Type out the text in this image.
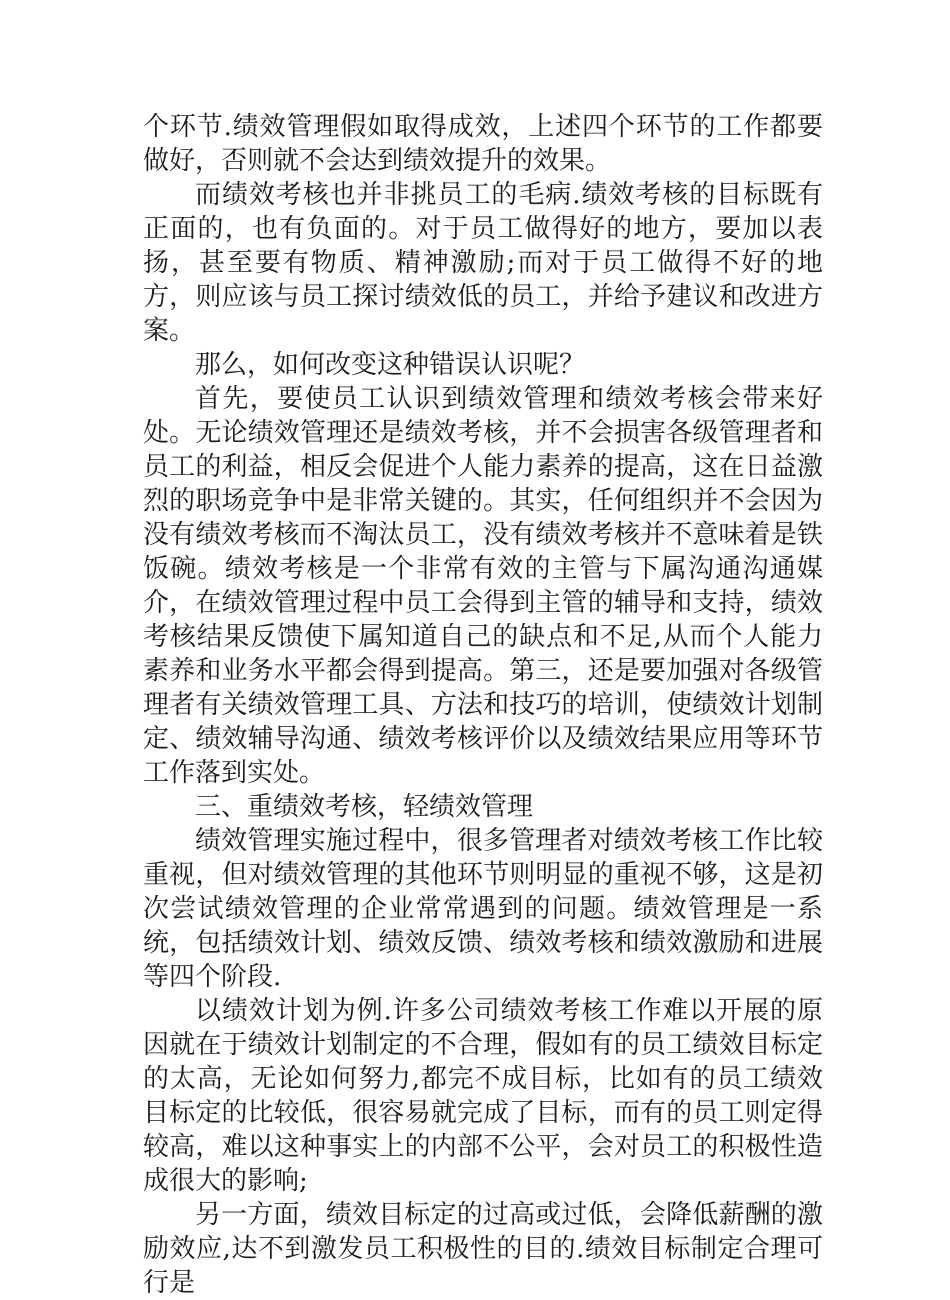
个环节.绩效管理假如取得成效，上述四个环节的工作都要做好，否则就不会达到绩效提升的效果。

而绩效考核也并非挑员工的毛病.绩效考核的目标既有正面的，也有负面的。对于员工做得好的地方，要加以表扬，甚至要有物质、精神激励;而对于员工做得不好的地方，则应该与员工探讨绩效低的员工，并给予建议和改进方案。

那么，如何改变这种错误认识呢？

首先，要使员工认识到绩效管理和绩效考核会带来好处。无论绩效管理还是绩效考核，并不会损害各级管理者和员工的利益，相反会促进个人能力素养的提高，这在日益激烈的职场竞争中是非常关键的。其实，任何组织并不会因为没有绩效考核而不淘汰员工，没有绩效考核并不意味着是铁饭碗。绩效考核是一个非常有效的主管与下属沟通沟通媒介，在绩效管理过程中员工会得到主管的辅导和支持，绩效考核结果反馈使下属知道自己的缺点和不足,从而个人能力素养和业务水平都会得到提高。第三，还是要加强对各级管理者有关绩效管理工具、方法和技巧的培训，使绩效计划制定、绩效辅导沟通、绩效考核评价以及绩效结果应用等环节工作落到实处。

三、重绩效考核，轻绩效管理

绩效管理实施过程中，很多管理者对绩效考核工作比较重视，但对绩效管理的其他环节则明显的重视不够，这是初次尝试绩效管理的企业常常遇到的问题。绩效管理是一系统，包括绩效计划、绩效反馈、绩效考核和绩效激励和进展等四个阶段.

以绩效计划为例.许多公司绩效考核工作难以开展的原因就在于绩效计划制定的不合理，假如有的员工绩效目标定的太高，无论如何努力,都完不成目标，比如有的员工绩效目标定的比较低，很容易就完成了目标，而有的员工则定得较高，难以这种事实上的内部不公平，会对员工的积极性造成很大的影响;

另一方面，绩效目标定的过高或过低，会降低薪酬的激励效应,达不到激发员工积极性的目的.绩效目标制定合理可行是
